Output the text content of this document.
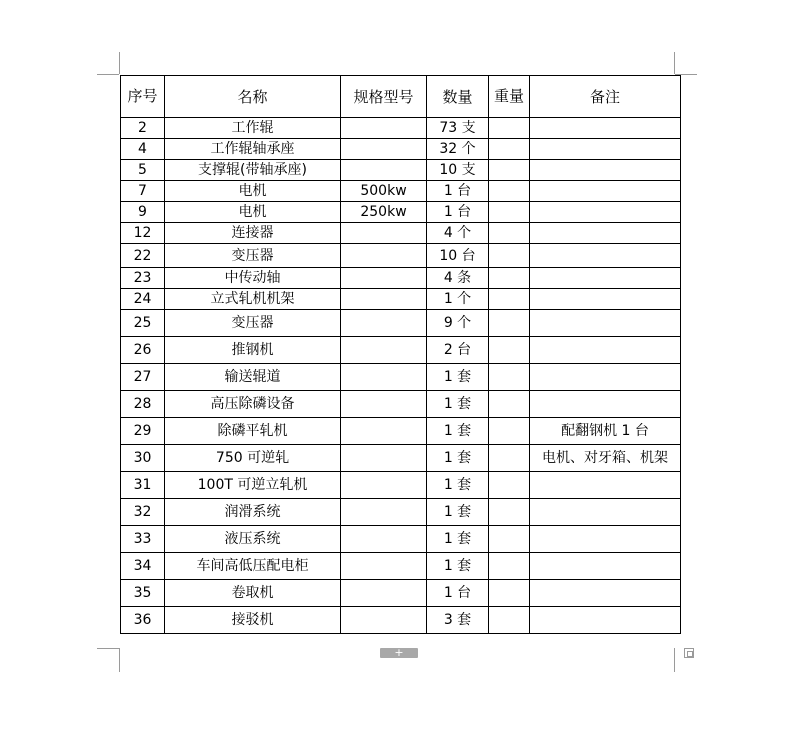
序号	名称	规格型号	数量	重量	备注
2	工作辊		73 支		
4	工作辊轴承座		32 个		
5	支撑辊(带轴承座)		10 支		
7	电机	500kw	1 台		
9	电机	250kw	1 台		
12	连接器		4 个		
22	变压器		10 台		
23	中传动轴		4 条		
24	立式轧机机架		1 个		
25	变压器		9 个		
26	推钢机		2 台		
27	输送辊道		1 套		
28	高压除磷设备		1 套		
29	除磷平轧机		1 套		配翻钢机 1 台
30	750 可逆轧		1 套		电机、对牙箱、机架
31	100T 可逆立轧机		1 套		
32	润滑系统		1 套		
33	液压系统		1 套		
34	车间高低压配电柜		1 套		
35	卷取机		1 台		
36	接驳机		3 套		
+
